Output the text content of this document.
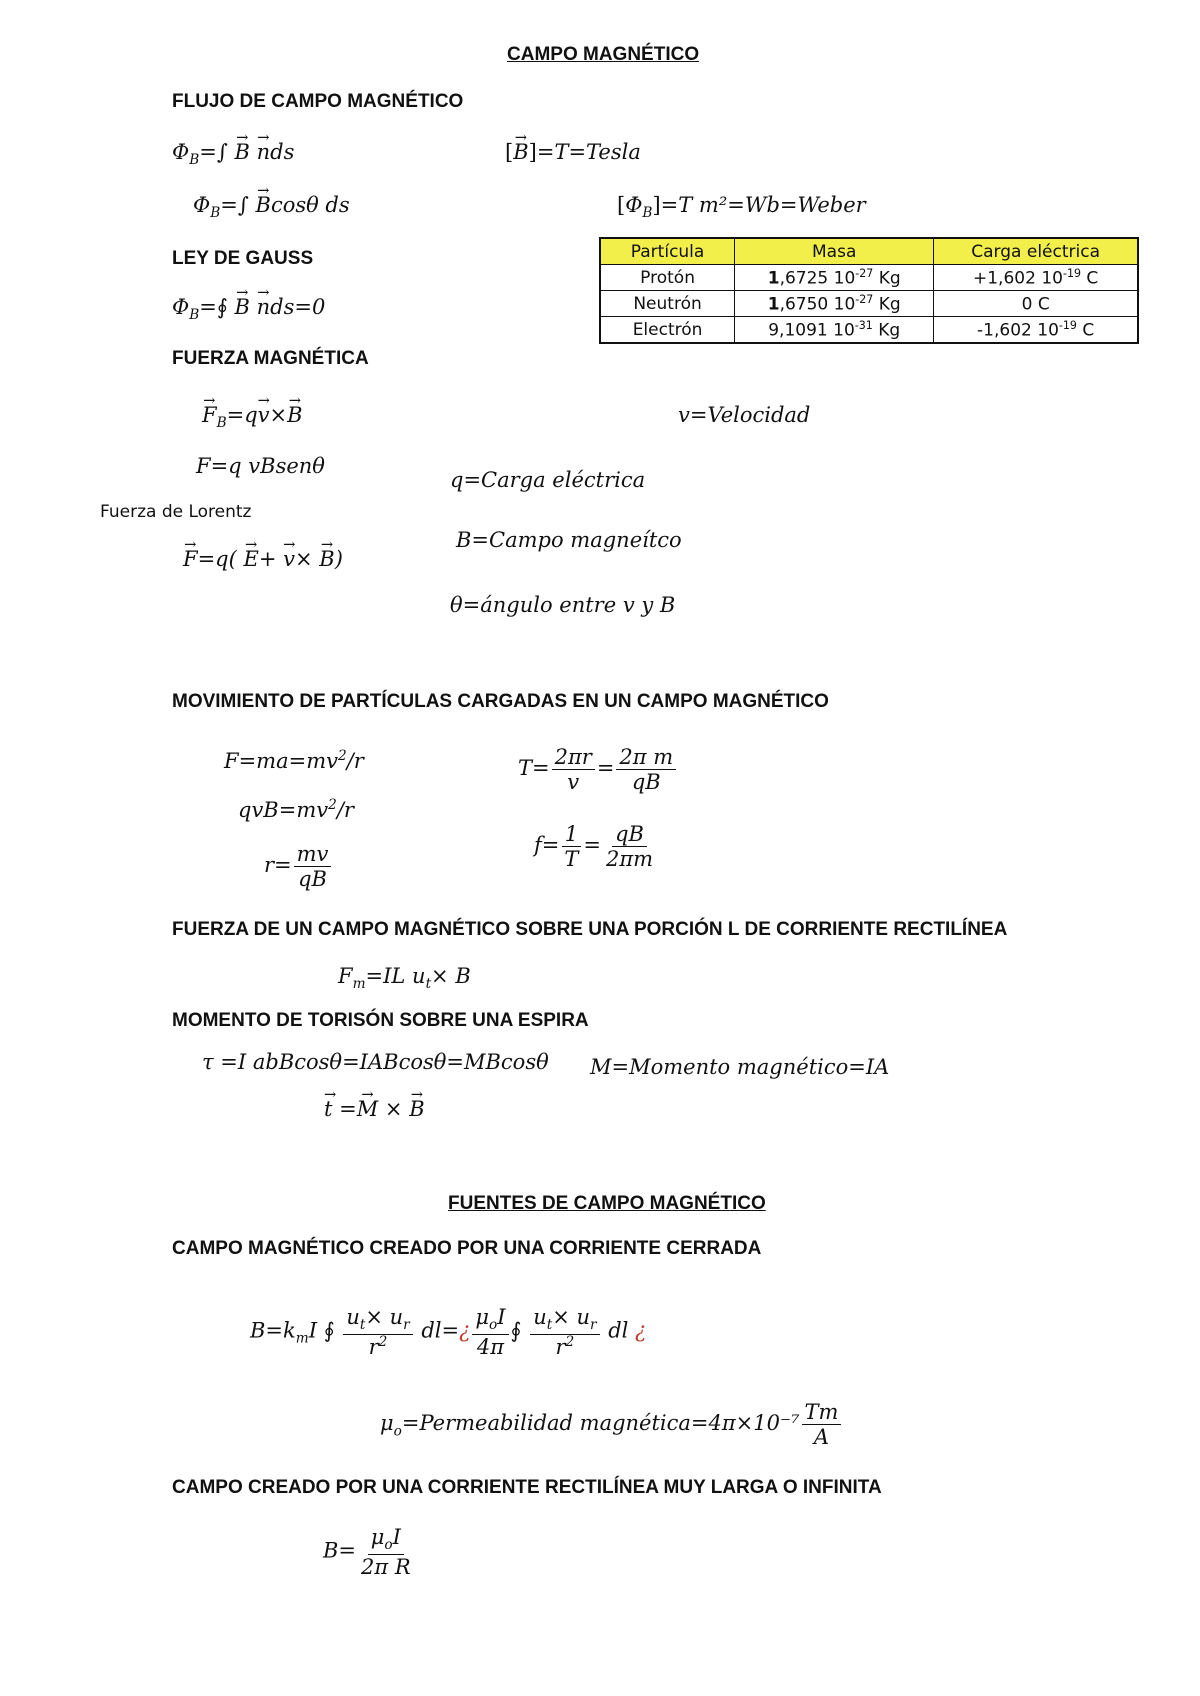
CAMPO MAGNÉTICO
FLUJO DE CAMPO MAGNÉTICO
$\Phi_B=\int \to B$ → nds	[→ B]=T=Tesla
$\Phi_B=\int \to Bcos\theta$ ds	$[\Phi_B]=T$ m²=Wb=Weber
Partícula	Masa	Carga eléctrica
Protón	1,6725 $10^{-27}$ Kg	+1,602 $10^{-19}$ C
Neutrón	1,6750 $10^{-27}$ Kg	0 C
Electrón	9,1091 $10^{-31}$ Kg	-1,602 $10^{-19}$ C
LEY DE GAUSS
$\Phi_B=∮ \to B \to nds=0$
FUERZA MAGNÉTICA
→ $F_B=q\to v\times\to B$	v=Velocidad
F=q vBsenθ
q=Carga eléctrica
Fuerza de Lorentz
B=Campo magneítco
→ F=q( → E+ → v× → B)
θ=ángulo entre v y B
MOVIMIENTO DE PARTÍCULAS CARGADAS EN UN CAMPO MAGNÉTICO
$F=ma=mv^2/r$
$qvB=mv^2/r$
$r= \frac{mv}{qB}$
$T= \frac{2\pi r}{v} = \frac{\text{2π m}}{qB}$
$f= \frac{1}{T} = \frac{qB}{2\pi m}$
FUERZA DE UN CAMPO MAGNÉTICO SOBRE UNA PORCIÓN L DE CORRIENTE RECTILÍNEA
$F_m=IL$ $u_t\times B$
MOMENTO DE TORISÓN SOBRE UNA ESPIRA
τ =I abBcosθ=IABcosθ=MBcosθ M=Momento magnético=IA
→ t =→ M × → B
FUENTES DE CAMPO MAGNÉTICO
CAMPO MAGNÉTICO CREADO POR UNA CORRIENTE CERRADA
$B=k_mI$ ∮ $\frac{u_t\times u_r}{r^2}$ dl=¿ $\frac{\mu_oI}{4\pi}$ ∮ $\frac{u_t\times u_r}{r^2}$ dl ¿
$\mu_o=Permeabilidad$ magnética=4π×10⁻⁷ $\frac{Tm}{A}$
CAMPO CREADO POR UNA CORRIENTE RECTILÍNEA MUY LARGA O INFINITA
$B= \frac{\mu_oI}{\text{2π R}}$
